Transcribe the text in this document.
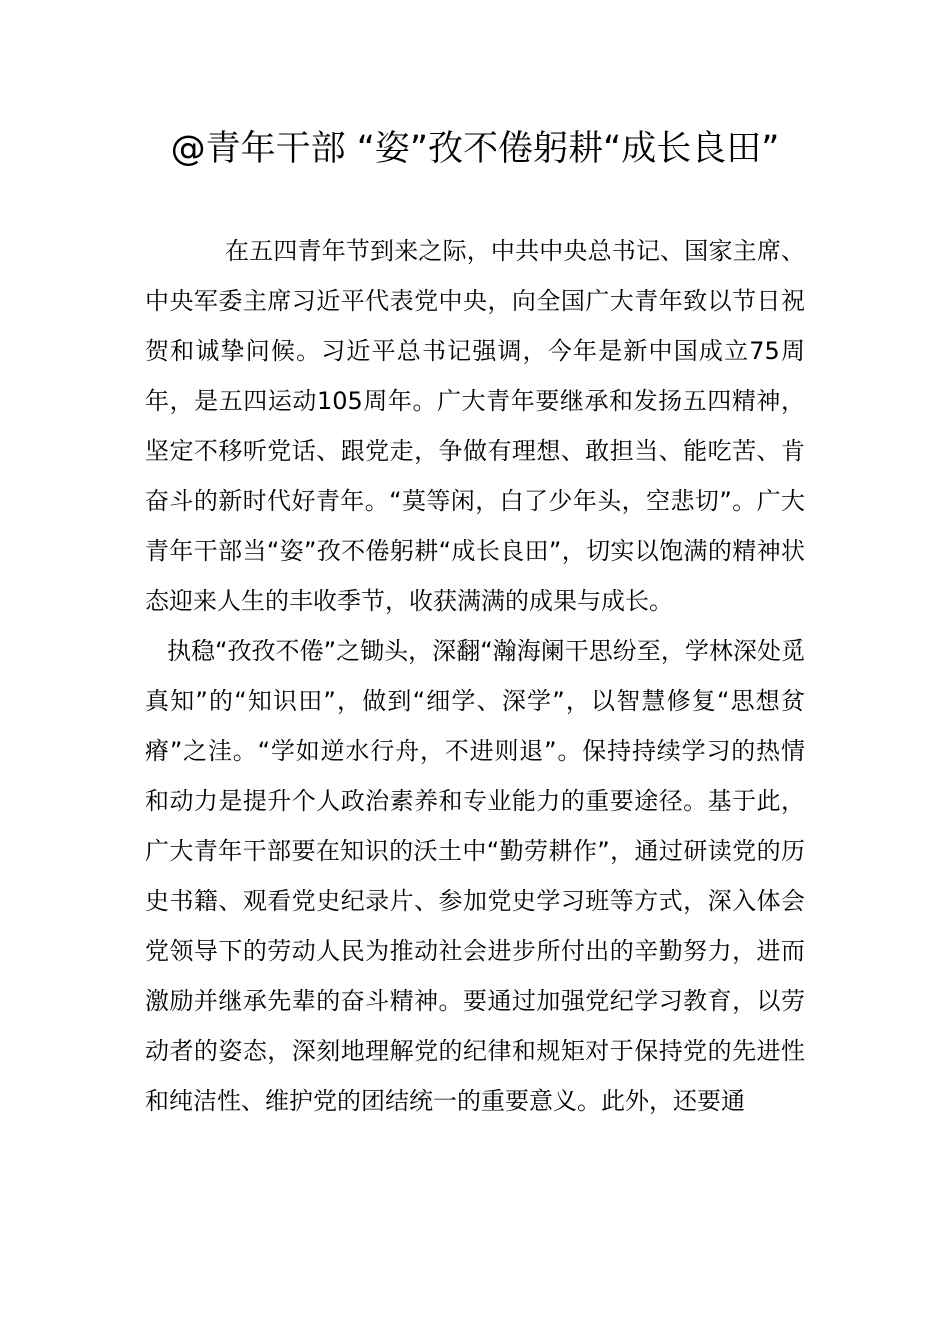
@青年干部 “姿”孜不倦躬耕“成长良田”

在五四青年节到来之际，中共中央总书记、国家主席、中央军委主席习近平代表党中央，向全国广大青年致以节日祝贺和诚挚问候。习近平总书记强调，今年是新中国成立75周年，是五四运动105周年。广大青年要继承和发扬五四精神，坚定不移听党话、跟党走，争做有理想、敢担当、能吃苦、肯奋斗的新时代好青年。“莫等闲，白了少年头，空悲切”。广大青年干部当“姿”孜不倦躬耕“成长良田”，切实以饱满的精神状态迎来人生的丰收季节，收获满满的成果与成长。

执稳“孜孜不倦”之锄头，深翻“瀚海阑干思纷至，学林深处觅真知”的“知识田”，做到“细学、深学”，以智慧修复“思想贫瘠”之洼。“学如逆水行舟，不进则退”。保持持续学习的热情和动力是提升个人政治素养和专业能力的重要途径。基于此，广大青年干部要在知识的沃土中“勤劳耕作”，通过研读党的历史书籍、观看党史纪录片、参加党史学习班等方式，深入体会党领导下的劳动人民为推动社会进步所付出的辛勤努力，进而激励并继承先辈的奋斗精神。要通过加强党纪学习教育，以劳动者的姿态，深刻地理解党的纪律和规矩对于保持党的先进性和纯洁性、维护党的团结统一的重要意义。此外，还要通
